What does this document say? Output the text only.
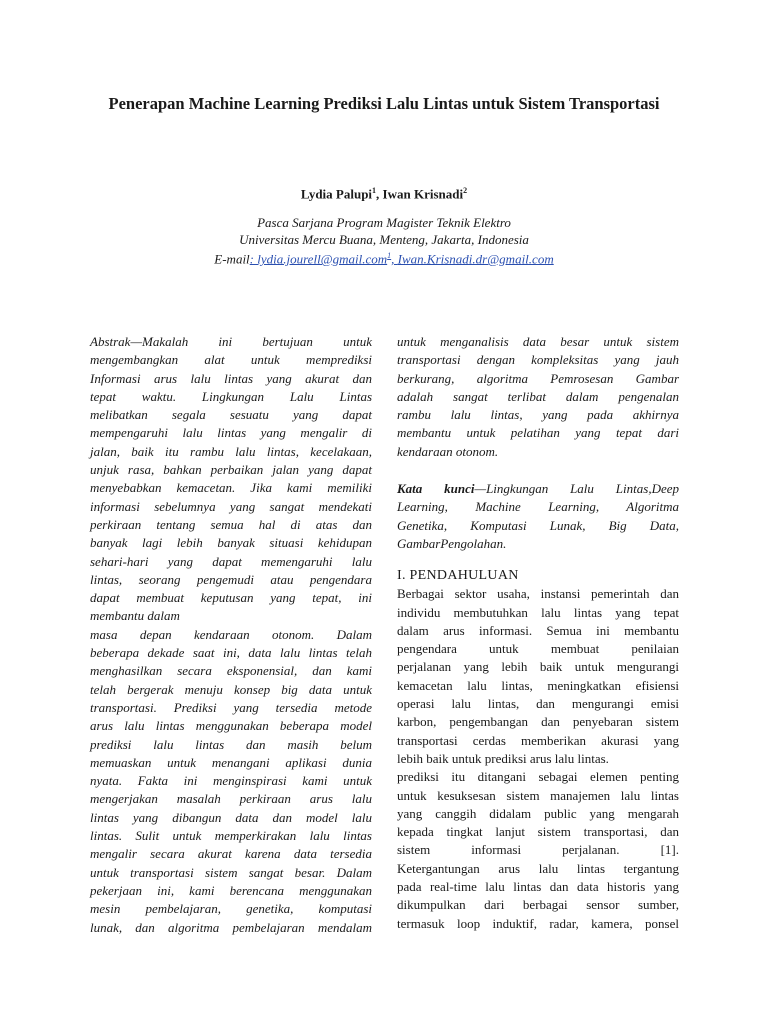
Penerapan Machine Learning Prediksi Lalu Lintas untuk Sistem Transportasi
Lydia Palupi$^1$, Iwan Krisnadi$^2$
Pasca Sarjana Program Magister Teknik Elektro
Universitas Mercu Buana, Menteng, Jakarta, Indonesia
E-mail: lydia.jourell@gmail.com$^1$, Iwan.Krisnadi.dr@gmail.com
Abstrak—Makalah ini bertujuan untuk
mengembangkan alat untuk memprediksi
Informasi arus lalu lintas yang akurat dan
tepat waktu. Lingkungan Lalu Lintas
melibatkan segala sesuatu yang dapat
mempengaruhi lalu lintas yang mengalir di
jalan, baik itu rambu lalu lintas, kecelakaan,
unjuk rasa, bahkan perbaikan jalan yang dapat
menyebabkan kemacetan. Jika kami memiliki
informasi sebelumnya yang sangat mendekati
perkiraan tentang semua hal di atas dan
banyak lagi lebih banyak situasi kehidupan
sehari-hari yang dapat memengaruhi lalu
lintas, seorang pengemudi atau pengendara
dapat membuat keputusan yang tepat, ini
membantu dalam
masa depan kendaraan otonom. Dalam
beberapa dekade saat ini, data lalu lintas telah
menghasilkan secara eksponensial, dan kami
telah bergerak menuju konsep big data untuk
transportasi. Prediksi yang tersedia metode
arus lalu lintas menggunakan beberapa model
prediksi lalu lintas dan masih belum
memuaskan untuk menangani aplikasi dunia
nyata. Fakta ini menginspirasi kami untuk
mengerjakan masalah perkiraan arus lalu
lintas yang dibangun data dan model lalu
lintas. Sulit untuk memperkirakan lalu lintas
mengalir secara akurat karena data tersedia
untuk transportasi sistem sangat besar. Dalam
pekerjaan ini, kami berencana menggunakan
mesin pembelajaran, genetika, komputasi
lunak, dan algoritma pembelajaran mendalam
untuk menganalisis data besar untuk sistem
transportasi dengan kompleksitas yang jauh
berkurang, algoritma Pemrosesan Gambar
adalah sangat terlibat dalam pengenalan
rambu lalu lintas, yang pada akhirnya
membantu untuk pelatihan yang tepat dari
kendaraan otonom.
Kata kunci—Lingkungan Lalu Lintas,Deep
Learning, Machine Learning, Algoritma
Genetika, Komputasi Lunak, Big Data,
GambarPengolahan.
I. PENDAHULUAN
Berbagai sektor usaha, instansi pemerintah dan
individu membutuhkan lalu lintas yang tepat
dalam arus informasi. Semua ini membantu
pengendara untuk membuat penilaian
perjalanan yang lebih baik untuk mengurangi
kemacetan lalu lintas, meningkatkan efisiensi
operasi lalu lintas, dan mengurangi emisi
karbon, pengembangan dan penyebaran sistem
transportasi cerdas memberikan akurasi yang
lebih baik untuk prediksi arus lalu lintas.
prediksi itu ditangani sebagai elemen penting
untuk kesuksesan sistem manajemen lalu lintas
yang canggih didalam public yang mengarah
kepada tingkat lanjut sistem transportasi, dan
sistem informasi perjalanan. [1].
Ketergantungan arus lalu lintas tergantung
pada real-time lalu lintas dan data historis yang
dikumpulkan dari berbagai sensor sumber,
termasuk loop induktif, radar, kamera, ponsel
